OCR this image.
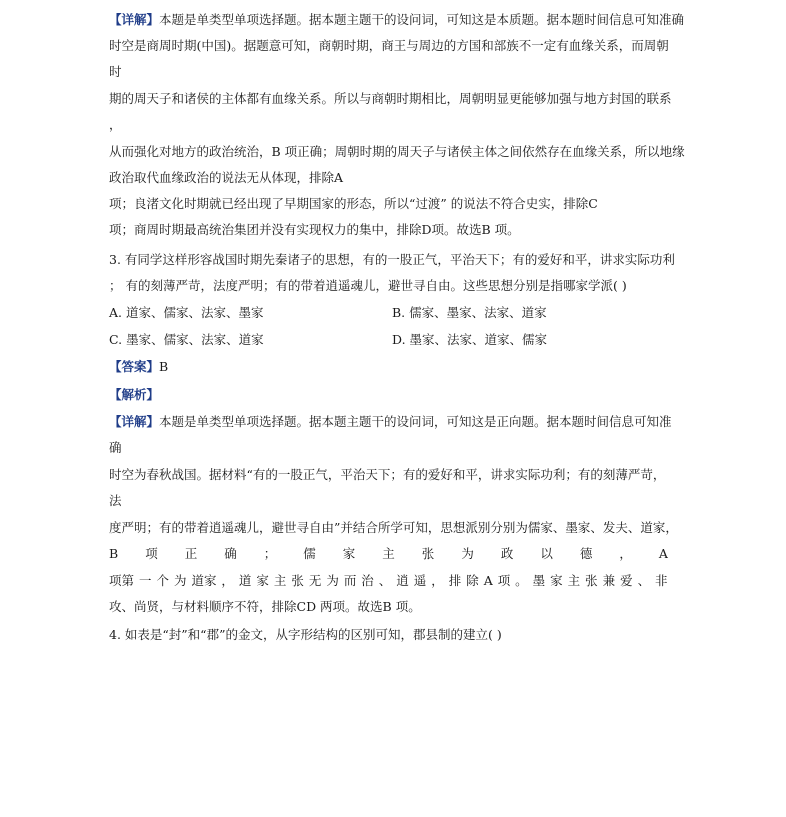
【详解】本题是单类型单项选择题。据本题主题干的设问词，可知这是本质题。据本题时间信息可知准确
时空是商周时期(中国)。据题意可知，商朝时期，商王与周边的方国和部族不一定有血缘关系，而周朝
时
期的周天子和诸侯的主体都有血缘关系。所以与商朝时期相比，周朝明显更能够加强与地方封国的联系
，
从而强化对地方的政治统治，B 项正确；周朝时期的周天子与诸侯主体之间依然存在血缘关系，所以地缘
政治取代血缘政治的说法无从体现，排除A
项；良渚文化时期就已经出现了早期国家的形态，所以“过渡” 的说法不符合史实，排除C
项；商周时期最高统治集团并没有实现权力的集中，排除D项。故选B 项。
3. 有同学这样形容战国时期先秦诸子的思想，有的一股正气，平治天下；有的爱好和平，讲求实际功利
； 有的刻薄严苛，法度严明；有的带着逍遥魂儿，避世寻自由。这些思想分别是指哪家学派( )
A. 道家、儒家、法家、墨家	B. 儒家、墨家、法家、道家
C. 墨家、儒家、法家、道家	D. 墨家、法家、道家、儒家
【答案】B
【解析】
【详解】本题是单类型单项选择题。据本题主题干的设问词，可知这是正向题。据本题时间信息可知准
确
时空为春秋战国。据材料“有的一股正气，平治天下；有的爱好和平，讲求实际功利；有的刻薄严苛，
法
度严明；有的带着逍遥魂儿，避世寻自由”并结合所学可知，思想派别分别为儒家、墨家、发夫、道家，
B 项 正 确 ； 儒 家 主 张 为 政 以 德 ， A
项第 一 个 为 道家 ， 道 家 主 张 无 为 而 治 、 逍 遥 ， 排 除 A 项 。 墨 家 主 张 兼 爱 、 非
攻、尚贤，与材料顺序不符，排除CD 两项。故选B 项。
4. 如表是“封”和“郡”的金文，从字形结构的区别可知，郡县制的建立( )
